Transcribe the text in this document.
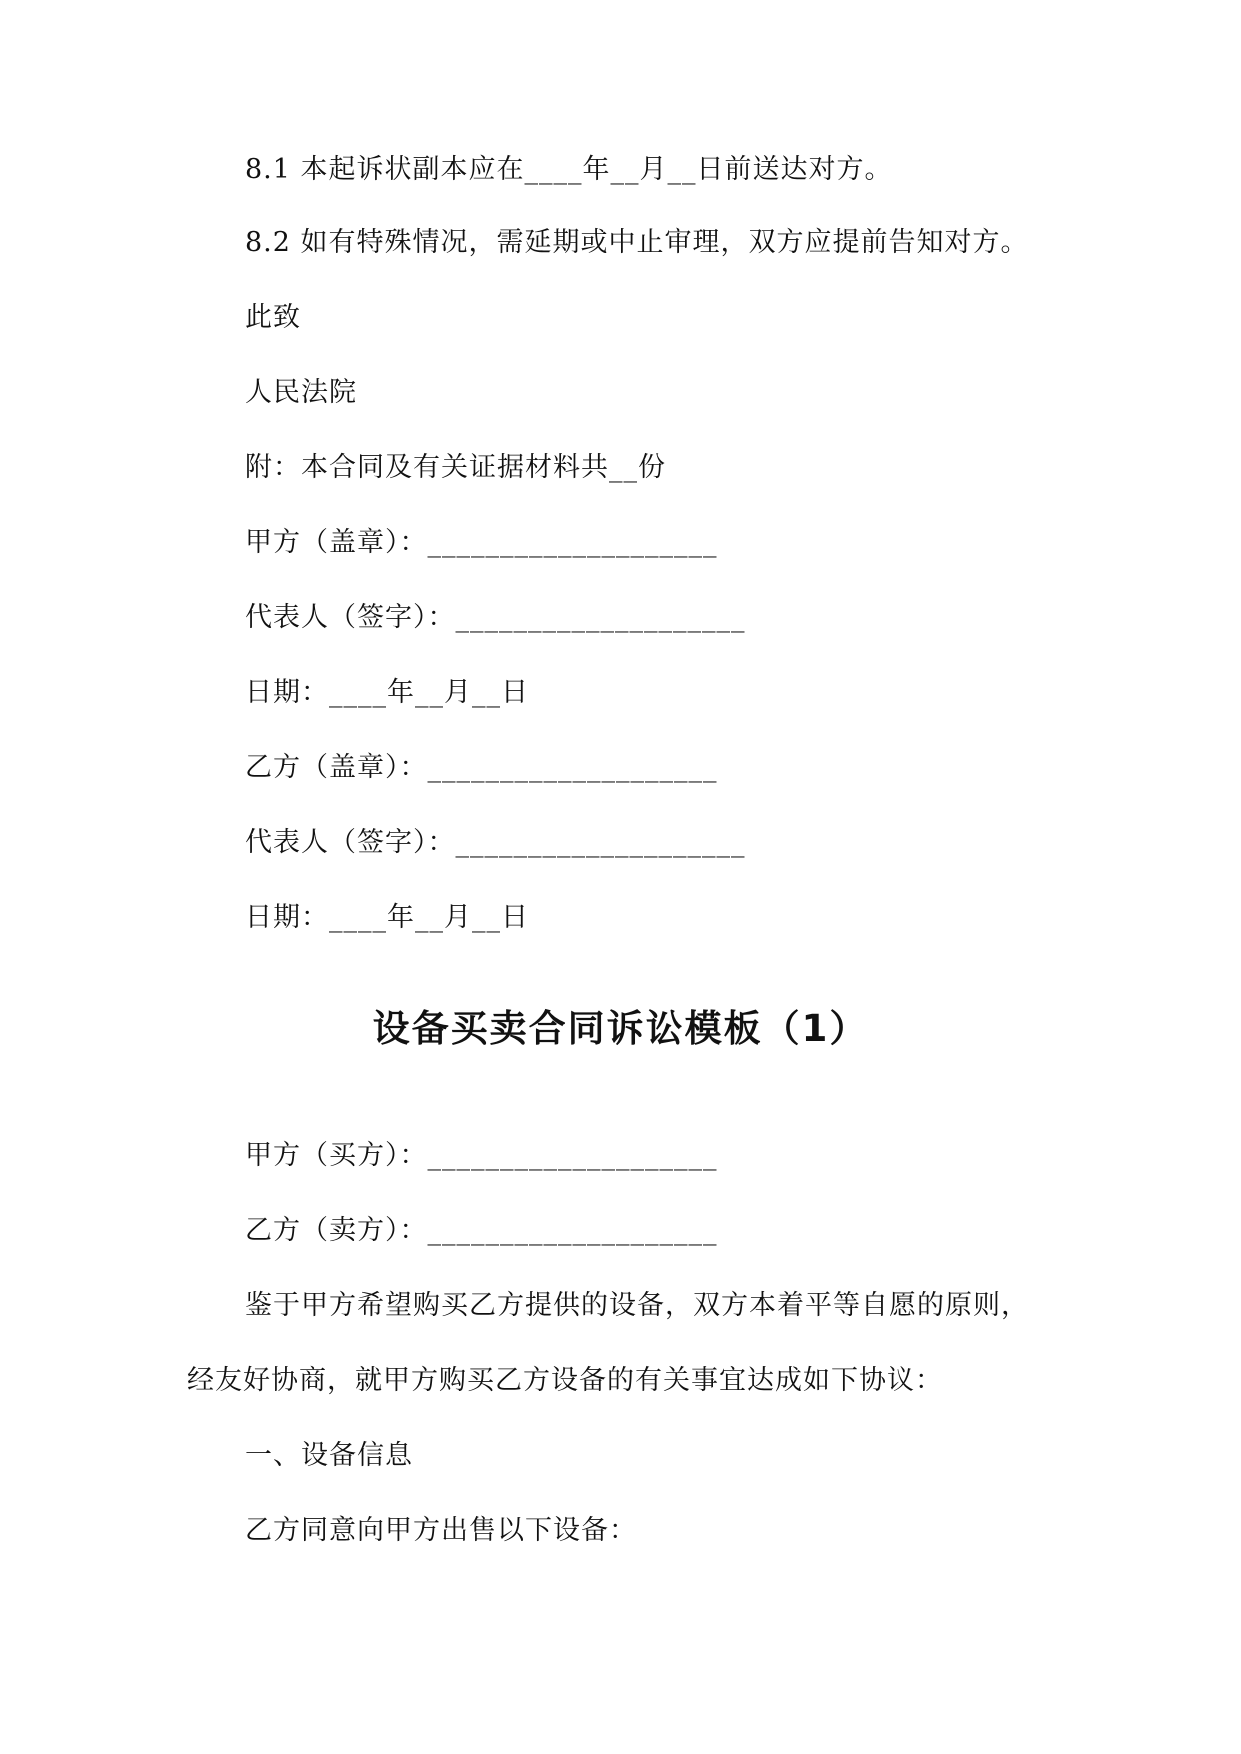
8.1 本起诉状副本应在____年__月__日前送达对方。
8.2 如有特殊情况，需延期或中止审理，双方应提前告知对方。
此致
人民法院
附：本合同及有关证据材料共__份
甲方（盖章）：____________________
代表人（签字）：____________________
日期：____年__月__日
乙方（盖章）：____________________
代表人（签字）：____________________
日期：____年__月__日
设备买卖合同诉讼模板（1）
甲方（买方）：____________________
乙方（卖方）：____________________
鉴于甲方希望购买乙方提供的设备，双方本着平等自愿的原则，
经友好协商，就甲方购买乙方设备的有关事宜达成如下协议：
一、设备信息
乙方同意向甲方出售以下设备：
